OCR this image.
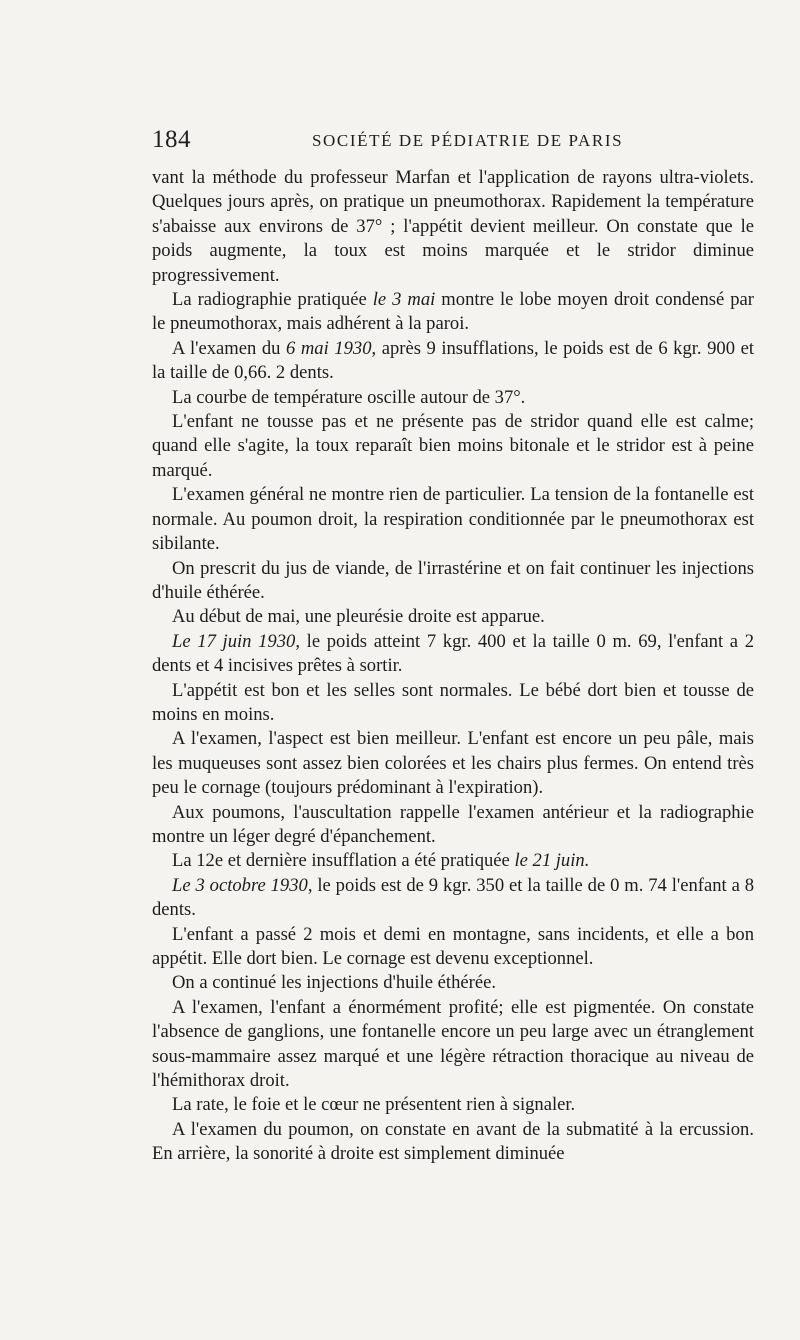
184	SOCIÉTÉ DE PÉDIATRIE DE PARIS

vant la méthode du professeur Marfan et l'application de rayons ultra-violets. Quelques jours après, on pratique un pneumothorax. Rapidement la température s'abaisse aux environs de 37° ; l'appétit devient meilleur. On constate que le poids augmente, la toux est moins marquée et le stridor diminue progressivement.

La radiographie pratiquée le 3 mai montre le lobe moyen droit condensé par le pneumothorax, mais adhérent à la paroi.

A l'examen du 6 mai 1930, après 9 insufflations, le poids est de 6 kgr. 900 et la taille de 0,66. 2 dents.

La courbe de température oscille autour de 37°.

L'enfant ne tousse pas et ne présente pas de stridor quand elle est calme; quand elle s'agite, la toux reparaît bien moins bitonale et le stridor est à peine marqué.

L'examen général ne montre rien de particulier. La tension de la fontanelle est normale. Au poumon droit, la respiration conditionnée par le pneumothorax est sibilante.

On prescrit du jus de viande, de l'irrastérine et on fait continuer les injections d'huile éthérée.

Au début de mai, une pleurésie droite est apparue.

Le 17 juin 1930, le poids atteint 7 kgr. 400 et la taille 0 m. 69, l'enfant a 2 dents et 4 incisives prêtes à sortir.

L'appétit est bon et les selles sont normales. Le bébé dort bien et tousse de moins en moins.

A l'examen, l'aspect est bien meilleur. L'enfant est encore un peu pâle, mais les muqueuses sont assez bien colorées et les chairs plus fermes. On entend très peu le cornage (toujours prédominant à l'expiration).

Aux poumons, l'auscultation rappelle l'examen antérieur et la radiographie montre un léger degré d'épanchement.

La 12e et dernière insufflation a été pratiquée le 21 juin.

Le 3 octobre 1930, le poids est de 9 kgr. 350 et la taille de 0 m. 74 l'enfant a 8 dents.

L'enfant a passé 2 mois et demi en montagne, sans incidents, et elle a bon appétit. Elle dort bien. Le cornage est devenu exceptionnel.

On a continué les injections d'huile éthérée.

A l'examen, l'enfant a énormément profité; elle est pigmentée. On constate l'absence de ganglions, une fontanelle encore un peu large avec un étranglement sous-mammaire assez marqué et une légère rétraction thoracique au niveau de l'hémithorax droit.

La rate, le foie et le cœur ne présentent rien à signaler.

A l'examen du poumon, on constate en avant de la submatité à la ercussion. En arrière, la sonorité à droite est simplement diminuée
